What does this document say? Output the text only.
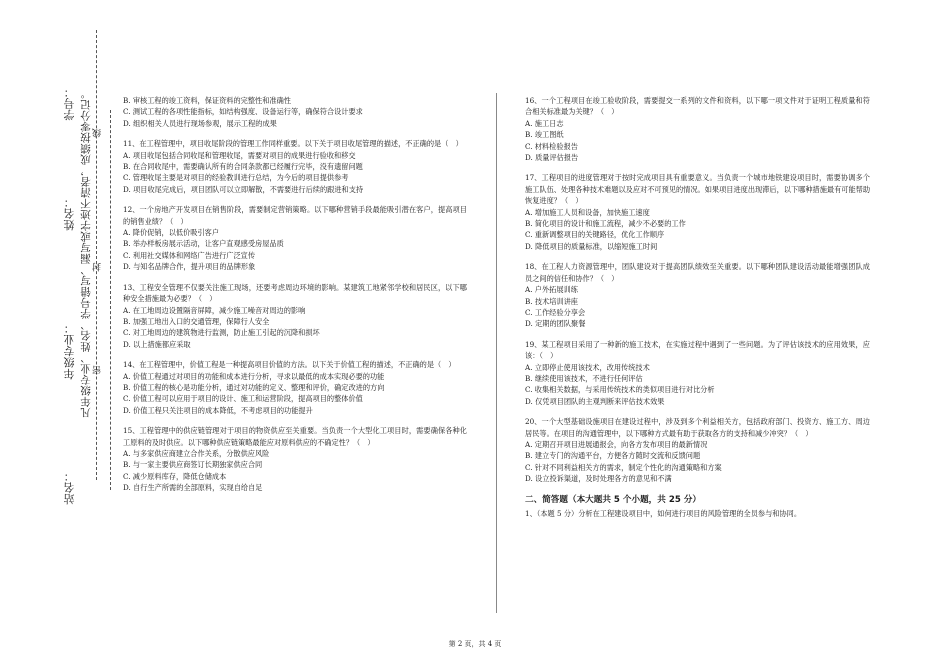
学号：
姓名：
年级专业：
站名：
凡年级专业、姓名、学号错写、漏写或字迹不清者，成绩按零分记。 密
封
线
B. 审核工程的竣工资料，保证资料的完整性和准确性
C. 测试工程的各项性能指标，如结构强度、设备运行等，确保符合设计要求
D. 组织相关人员进行现场参观，展示工程的成果
11、在工程管理中，项目收尾阶段的管理工作同样重要。以下关于项目收尾管理的描述，不正确的是（　）
A. 项目收尾包括合同收尾和管理收尾，需要对项目的成果进行验收和移交
B. 在合同收尾中，需要确认所有的合同条款都已经履行完毕，没有遗留问题
C. 管理收尾主要是对项目的经验教训进行总结，为今后的项目提供参考
D. 项目收尾完成后，项目团队可以立即解散，不需要进行后续的跟进和支持
12、一个房地产开发项目在销售阶段，需要制定营销策略。以下哪种营销手段最能吸引潜在客户，提高项目的销售业绩？（　）
A. 降价促销，以低价吸引客户
B. 举办样板房展示活动，让客户直观感受房屋品质
C. 利用社交媒体和网络广告进行广泛宣传
D. 与知名品牌合作，提升项目的品牌形象
13、工程安全管理不仅要关注施工现场，还要考虑周边环境的影响。某建筑工地紧邻学校和居民区，以下哪种安全措施最为必要？（　）
A. 在工地周边设置隔音屏障，减少施工噪音对周边的影响
B. 加强工地出入口的交通管理，保障行人安全
C. 对工地周边的建筑物进行监测，防止施工引起的沉降和损坏
D. 以上措施都应采取
14、在工程管理中，价值工程是一种提高项目价值的方法。以下关于价值工程的描述，不正确的是（　）
A. 价值工程通过对项目的功能和成本进行分析，寻求以最低的成本实现必要的功能
B. 价值工程的核心是功能分析，通过对功能的定义、整理和评价，确定改进的方向
C. 价值工程可以应用于项目的设计、施工和运营阶段，提高项目的整体价值
D. 价值工程只关注项目的成本降低，不考虑项目的功能提升
15、工程管理中的供应链管理对于项目的物资供应至关重要。当负责一个大型化工项目时，需要确保各种化工原料的及时供应。以下哪种供应链策略最能应对原料供应的不确定性？（　）
A. 与多家供应商建立合作关系，分散供应风险
B. 与一家主要供应商签订长期独家供应合同
C. 减少原料库存，降低仓储成本
D. 自行生产所需的全部原料，实现自给自足
16、一个工程项目在竣工验收阶段，需要提交一系列的文件和资料，以下哪一项文件对于证明工程质量和符合相关标准最为关键？（　）
A. 施工日志
B. 竣工图纸
C. 材料检验报告
D. 质量评估报告
17、工程项目的进度管理对于按时完成项目具有重要意义。当负责一个城市地铁建设项目时，需要协调多个施工队伍、处理各种技术难题以及应对不可预见的情况。如果项目进度出现滞后，以下哪种措施最有可能帮助恢复进度？（　）
A. 增加施工人员和设备，加快施工速度
B. 简化项目的设计和施工流程，减少不必要的工作
C. 重新调整项目的关键路径，优化工作顺序
D. 降低项目的质量标准，以缩短施工时间
18、在工程人力资源管理中，团队建设对于提高团队绩效至关重要。以下哪种团队建设活动最能增强团队成员之间的信任和协作？（　）
A. 户外拓展训练
B. 技术培训讲座
C. 工作经验分享会
D. 定期的团队聚餐
19、某工程项目采用了一种新的施工技术，在实施过程中遇到了一些问题。为了评估该技术的应用效果，应该：（　）
A. 立即停止使用该技术，改用传统技术
B. 继续使用该技术，不进行任何评估
C. 收集相关数据，与采用传统技术的类似项目进行对比分析
D. 仅凭项目团队的主观判断来评估技术效果
20、一个大型基础设施项目在建设过程中，涉及到多个利益相关方，包括政府部门、投资方、施工方、周边居民等。在项目的沟通管理中，以下哪种方式最有助于获取各方的支持和减少冲突？（　）
A. 定期召开项目进展通报会，向各方发布项目的最新情况
B. 建立专门的沟通平台，方便各方随时交流和反馈问题
C. 针对不同利益相关方的需求，制定个性化的沟通策略和方案
D. 设立投诉渠道，及时处理各方的意见和不满
二、简答题（本大题共 5 个小题，共 25 分）
1、（本题 5 分）分析在工程建设项目中，如何进行项目的风险管理的全员参与和协同。
第 2 页，共 4 页
